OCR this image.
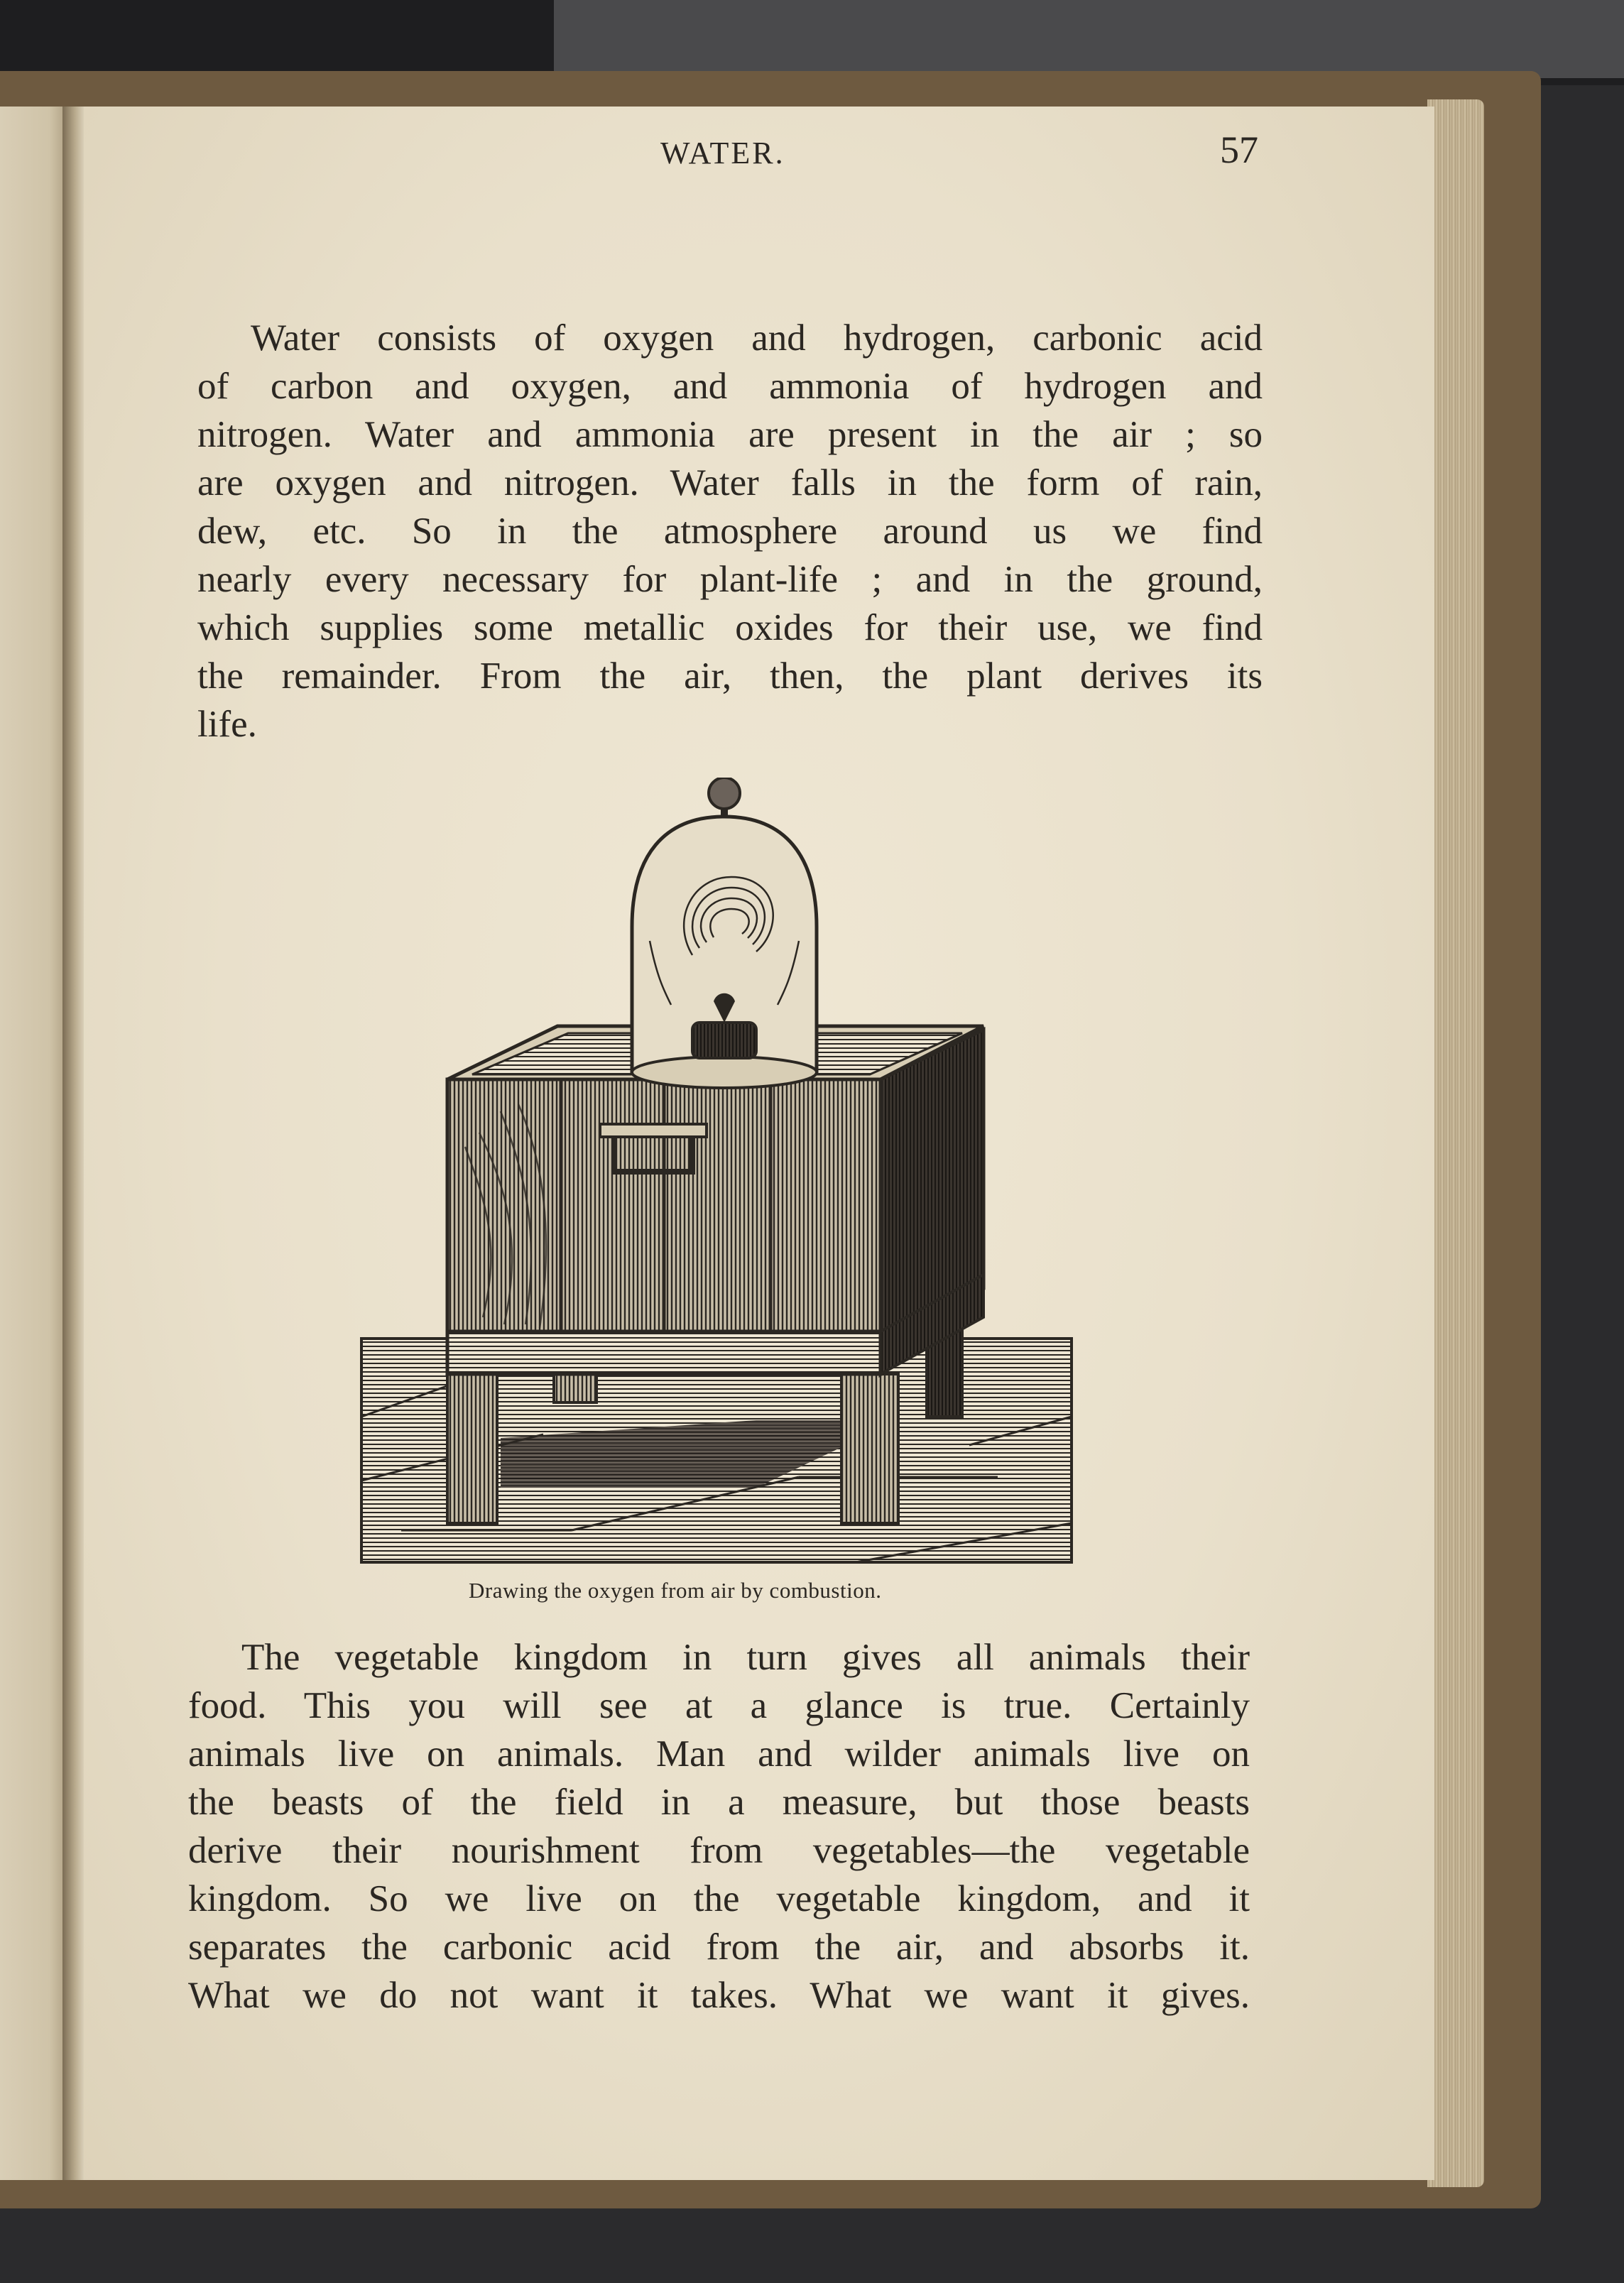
WATER.	57

Water consists of oxygen and hydrogen, carbonic acid
of carbon and oxygen, and ammonia of hydrogen and
nitrogen. Water and ammonia are present in the air ; so
are oxygen and nitrogen. Water falls in the form of rain,
dew, etc. So in the atmosphere around us we find
nearly every necessary for plant-life ; and in the ground,
which supplies some metallic oxides for their use, we find
the remainder. From the air, then, the plant derives its
life.

Drawing the oxygen from air by combustion.

The vegetable kingdom in turn gives all animals their
food. This you will see at a glance is true. Certainly
animals live on animals. Man and wilder animals live on
the beasts of the field in a measure, but those beasts
derive their nourishment from vegetables—the vegetable
kingdom. So we live on the vegetable kingdom, and it
separates the carbonic acid from the air, and absorbs it.
What we do not want it takes. What we want it gives.
